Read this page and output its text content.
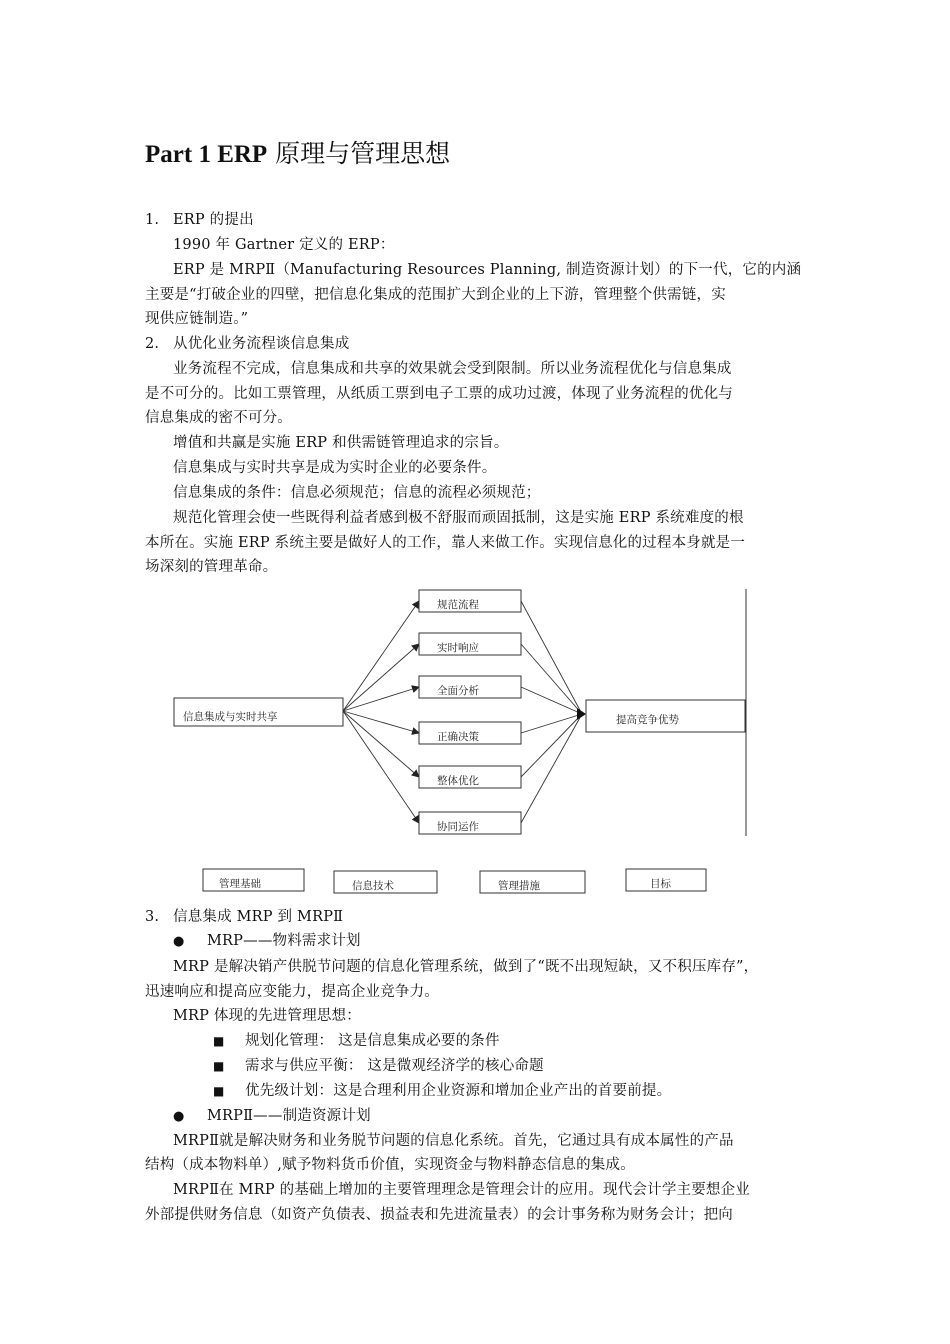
Part 1 ERP 原理与管理思想
1. ERP 的提出
1990 年 Gartner 定义的 ERP：
ERP 是 MRPⅡ（Manufacturing Resources Planning, 制造资源计划）的下一代，它的内涵
主要是“打破企业的四壁，把信息化集成的范围扩大到企业的上下游，管理整个供需链，实
现供应链制造。”
2. 从优化业务流程谈信息集成
业务流程不完成，信息集成和共享的效果就会受到限制。所以业务流程优化与信息集成
是不可分的。比如工票管理，从纸质工票到电子工票的成功过渡，体现了业务流程的优化与
信息集成的密不可分。
增值和共赢是实施 ERP 和供需链管理追求的宗旨。
信息集成与实时共享是成为实时企业的必要条件。
信息集成的条件：信息必须规范；信息的流程必须规范；
规范化管理会使一些既得利益者感到极不舒服而顽固抵制，这是实施 ERP 系统难度的根
本所在。实施 ERP 系统主要是做好人的工作，靠人来做工作。实现信息化的过程本身就是一
场深刻的管理革命。
信息集成与实时共享
规范流程
实时响应
全面分析
正确决策
整体优化
协同运作
提高竞争优势
管理基础	信息技术	管理措施	目标
3. 信息集成 MRP 到 MRPⅡ
● MRP——物料需求计划
MRP 是解决销产供脱节问题的信息化管理系统，做到了“既不出现短缺，又不积压库存”，
迅速响应和提高应变能力，提高企业竞争力。
MRP 体现的先进管理思想：
■ 规划化管理： 这是信息集成必要的条件
■ 需求与供应平衡： 这是微观经济学的核心命题
■ 优先级计划：这是合理利用企业资源和增加企业产出的首要前提。
● MRPⅡ——制造资源计划
MRPⅡ就是解决财务和业务脱节问题的信息化系统。首先，它通过具有成本属性的产品
结构（成本物料单）,赋予物料货币价值，实现资金与物料静态信息的集成。
MRPⅡ在 MRP 的基础上增加的主要管理理念是管理会计的应用。现代会计学主要想企业
外部提供财务信息（如资产负债表、损益表和先进流量表）的会计事务称为财务会计；把向
